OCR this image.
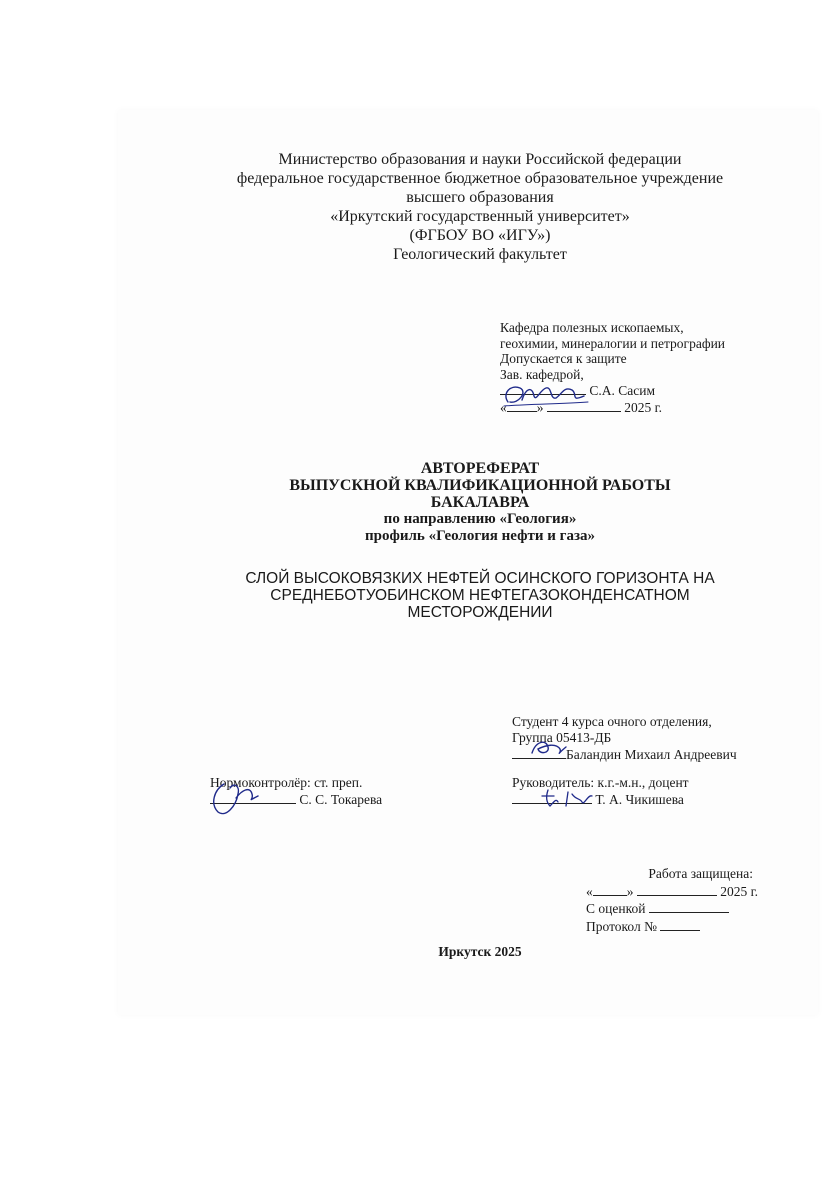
Министерство образования и науки Российской федерации
федеральное государственное бюджетное образовательное учреждение
высшего образования
«Иркутский государственный университет»
(ФГБОУ ВО «ИГУ»)
Геологический факультет
Кафедра полезных ископаемых,
геохимии, минералогии и петрографии
Допускается к защите
Зав. кафедрой,
С.А. Сасим
« »	2025 г.
АВТОРЕФЕРАТ
ВЫПУСКНОЙ КВАЛИФИКАЦИОННОЙ РАБОТЫ
БАКАЛАВРА
по направлению «Геология»
профиль «Геология нефти и газа»
СЛОЙ ВЫСОКОВЯЗКИХ НЕФТЕЙ ОСИНСКОГО ГОРИЗОНТА НА
СРЕДНЕБОТУОБИНСКОМ НЕФТЕГАЗОКОНДЕНСАТНОМ
МЕСТОРОЖДЕНИИ
Студент 4 курса очного отделения,
Группа 05413-ДБ
Баландин Михаил Андреевич
Нормоконтролёр: ст. преп.
С. С. Токарева
Руководитель: к.г.-м.н., доцент
Т. А. Чикишева
Работа защищена:
«	»	2025 г.
С оценкой
Протокол №
Иркутск 2025
